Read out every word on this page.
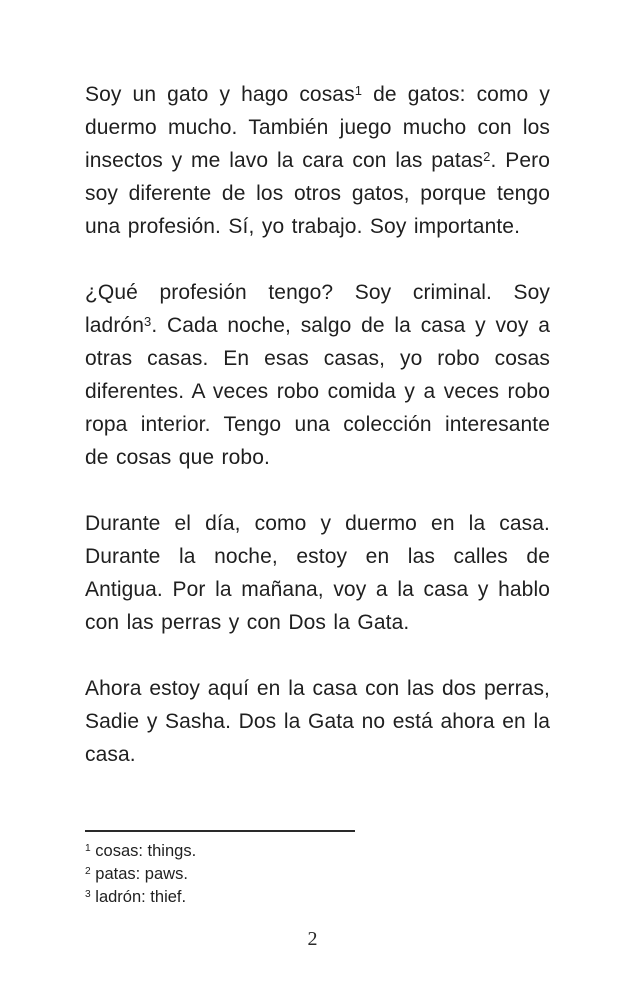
Soy un gato y hago cosas$^1$ de gatos: como y duermo mucho. También juego mucho con los insectos y me lavo la cara con las patas$^2$. Pero soy diferente de los otros gatos, porque tengo una profesión. Sí, yo trabajo. Soy importante.

¿Qué profesión tengo? Soy criminal. Soy ladrón$^3$. Cada noche, salgo de la casa y voy a otras casas. En esas casas, yo robo cosas diferentes. A veces robo comida y a veces robo ropa interior. Tengo una colección interesante de cosas que robo.

Durante el día, como y duermo en la casa. Durante la noche, estoy en las calles de Antigua. Por la mañana, voy a la casa y hablo con las perras y con Dos la Gata.

Ahora estoy aquí en la casa con las dos perras, Sadie y Sasha. Dos la Gata no está ahora en la casa.

$^1$ cosas: things.
$^2$ patas: paws.
$^3$ ladrón: thief.
2
